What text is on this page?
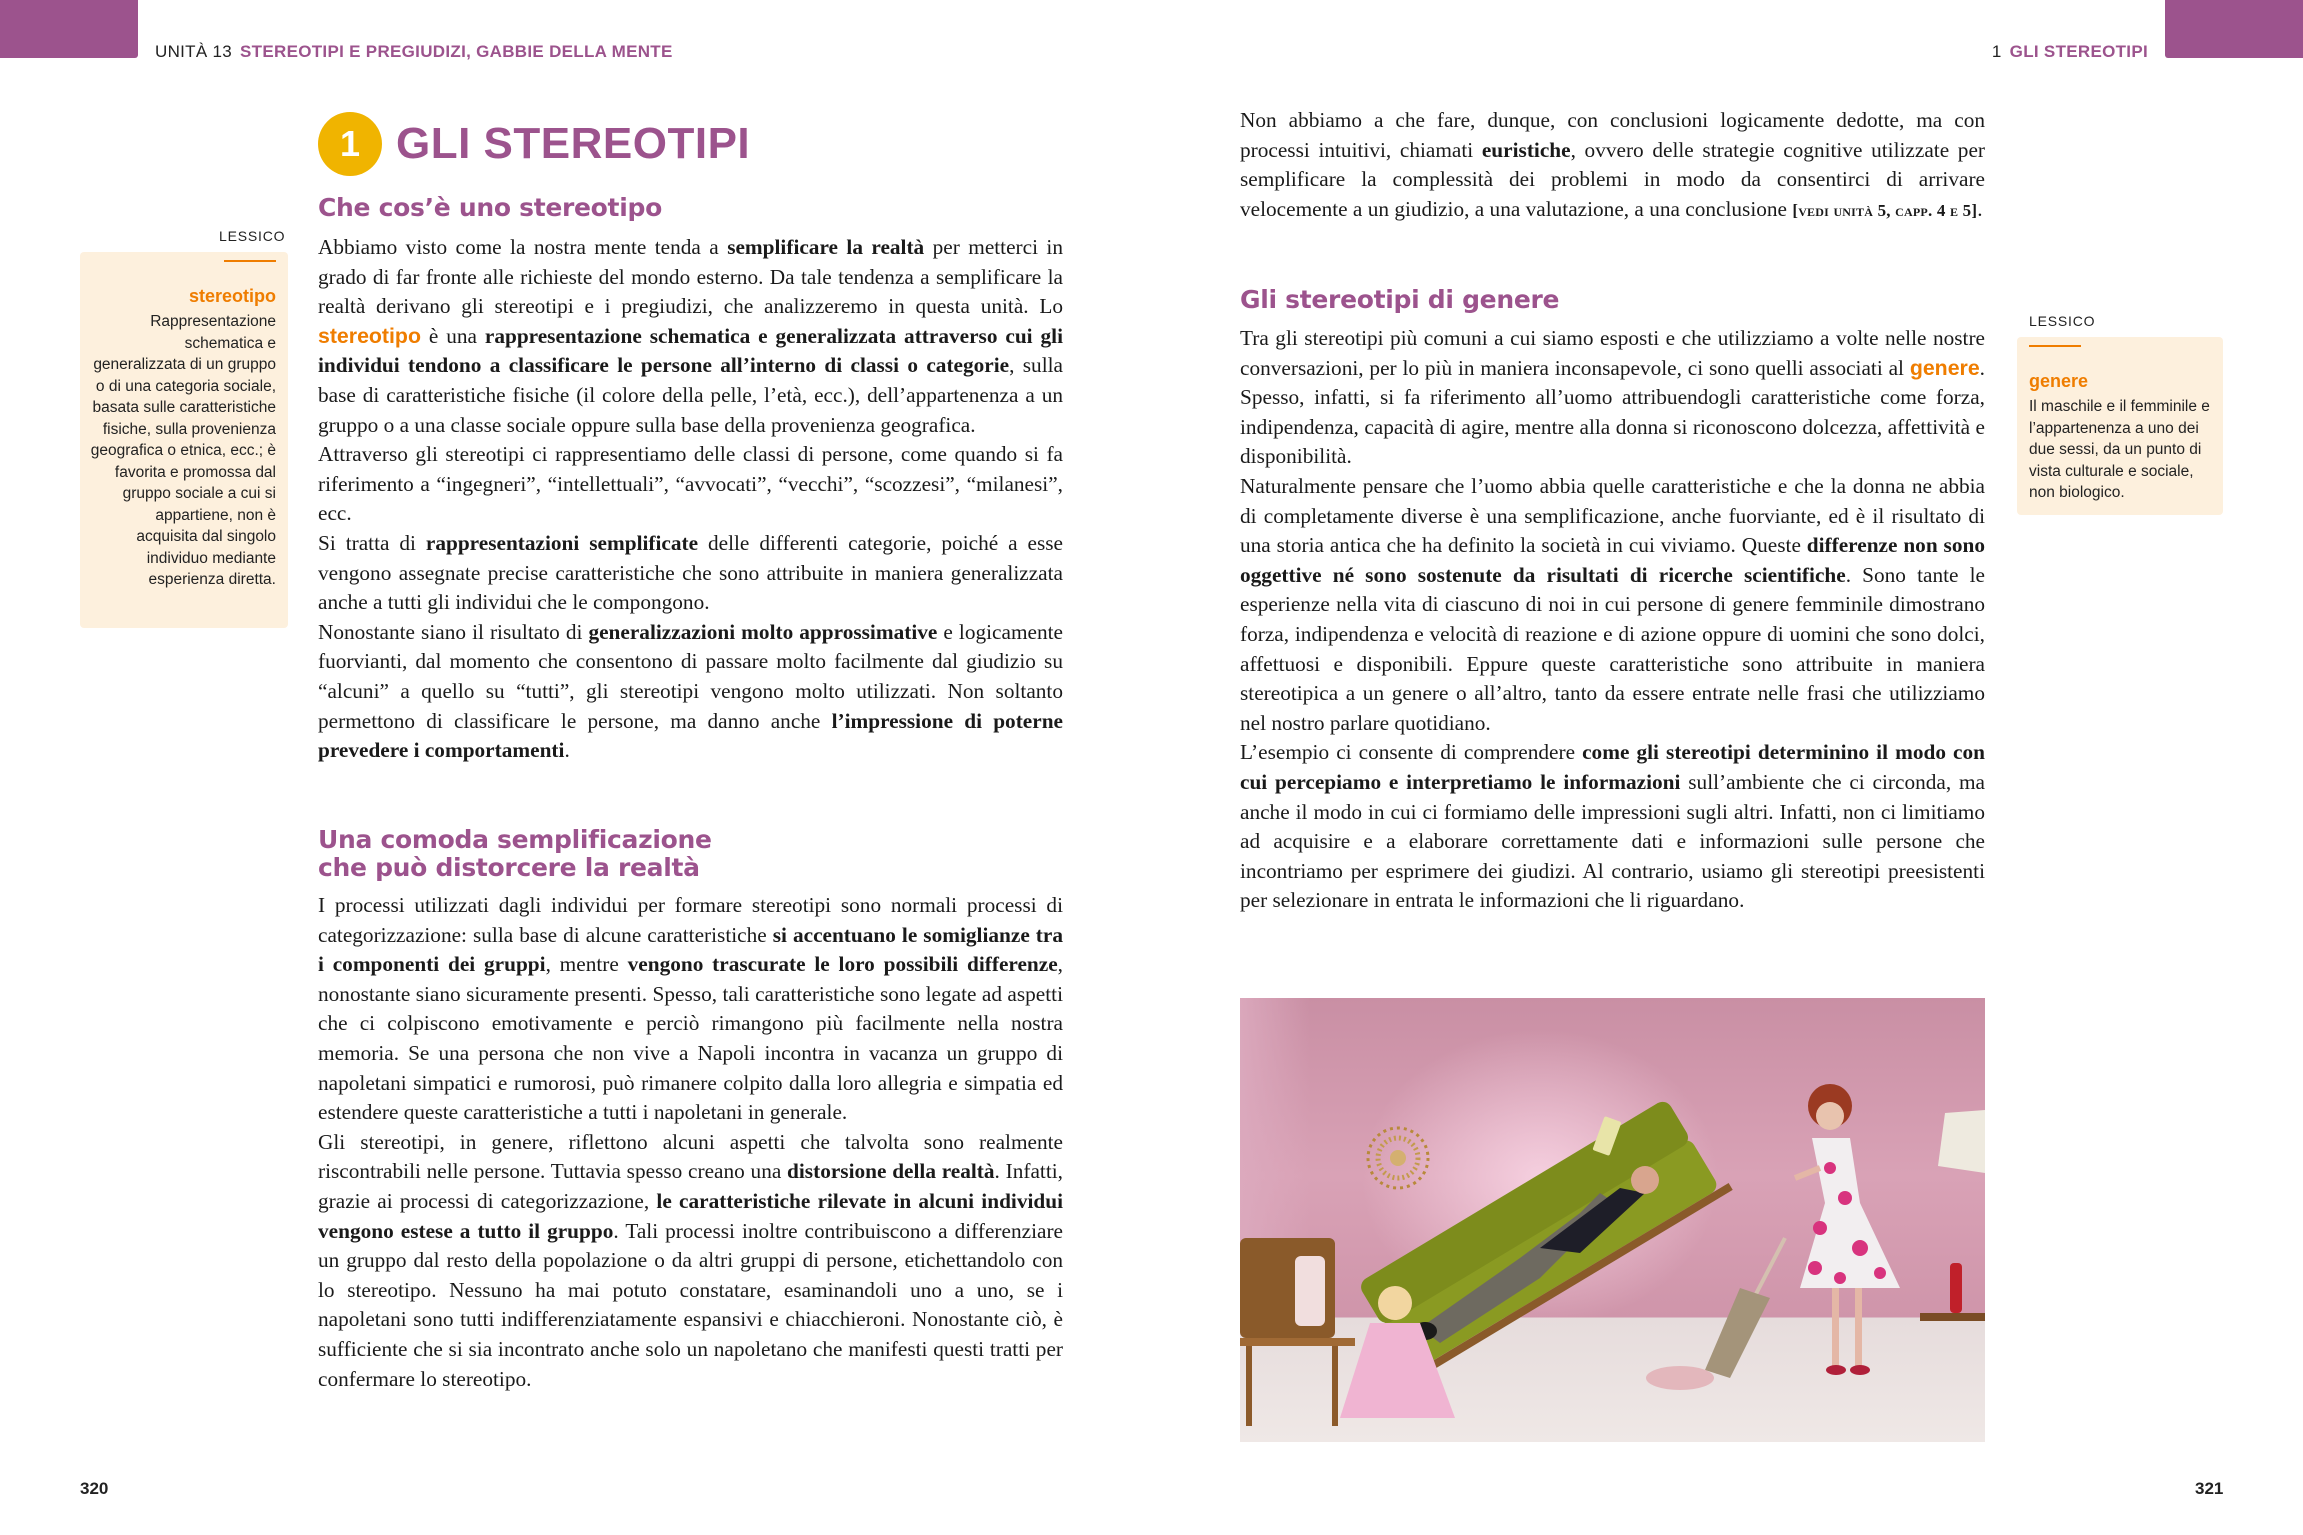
UNITÀ 13 STEREOTIPI E PREGIUDIZI, GABBIE DELLA MENTE	1 GLI STEREOTIPI
1 GLI STEREOTIPI
Che cos’è uno stereotipo

Abbiamo visto come la nostra mente tenda a semplificare la realtà per metterci in grado di far fronte alle richieste del mondo esterno. Da tale tendenza a semplificare la realtà derivano gli stereotipi e i pregiudizi, che analizzeremo in questa unità. Lo stereotipo è una rappresentazione schematica e generalizzata attraverso cui gli individui tendono a classificare le persone all’interno di classi o categorie, sulla base di caratteristiche fisiche (il colore della pelle, l’età, ecc.), dell’appartenenza a un gruppo o a una classe sociale oppure sulla base della provenienza geografica.

Attraverso gli stereotipi ci rappresentiamo delle classi di persone, come quando si fa riferimento a “ingegneri”, “intellettuali”, “avvocati”, “vecchi”, “scozzesi”, “milanesi”, ecc.

Si tratta di rappresentazioni semplificate delle differenti categorie, poiché a esse vengono assegnate precise caratteristiche che sono attribuite in maniera generalizzata anche a tutti gli individui che le compongono.

Nonostante siano il risultato di generalizzazioni molto approssimative e logicamente fuorvianti, dal momento che consentono di passare molto facilmente dal giudizio su “alcuni” a quello su “tutti”, gli stereotipi vengono molto utilizzati. Non soltanto permettono di classificare le persone, ma danno anche l’impressione di poterne prevedere i comportamenti.

Una comoda semplificazione
che può distorcere la realtà

I processi utilizzati dagli individui per formare stereotipi sono normali processi di categorizzazione: sulla base di alcune caratteristiche si accentuano le somiglianze tra i componenti dei gruppi, mentre vengono trascurate le loro possibili differenze, nonostante siano sicuramente presenti. Spesso, tali caratteristiche sono legate ad aspetti che ci colpiscono emotivamente e perciò rimangono più facilmente nella nostra memoria. Se una persona che non vive a Napoli incontra in vacanza un gruppo di napoletani simpatici e rumorosi, può rimanere colpito dalla loro allegria e simpatia ed estendere queste caratteristiche a tutti i napoletani in generale.

Gli stereotipi, in genere, riflettono alcuni aspetti che talvolta sono realmente riscontrabili nelle persone. Tuttavia spesso creano una distorsione della realtà. Infatti, grazie ai processi di categorizzazione, le caratteristiche rilevate in alcuni individui vengono estese a tutto il gruppo. Tali processi inoltre contribuiscono a differenziare un gruppo dal resto della popolazione o da altri gruppi di persone, etichettandolo con lo stereotipo. Nessuno ha mai potuto constatare, esaminandoli uno a uno, se i napoletani sono tutti indifferenziatamente espansivi e chiacchieroni. Nonostante ciò, è sufficiente che si sia incontrato anche solo un napoletano che manifesti questi tratti per confermare lo stereotipo.

LESSICO
stereotipo
Rappresentazione schematica e generalizzata di un gruppo o di una categoria sociale, basata sulle caratteristiche fisiche, sulla provenienza geografica o etnica, ecc.; è favorita e promossa dal gruppo sociale a cui si appartiene, non è acquisita dal singolo individuo mediante esperienza diretta.
320

Non abbiamo a che fare, dunque, con conclusioni logicamente dedotte, ma con processi intuitivi, chiamati euristiche, ovvero delle strategie cognitive utilizzate per semplificare la complessità dei problemi in modo da consentirci di arrivare velocemente a un giudizio, a una valutazione, a una conclusione [vedi unità 5, capp. 4 e 5].

Gli stereotipi di genere

Tra gli stereotipi più comuni a cui siamo esposti e che utilizziamo a volte nelle nostre conversazioni, per lo più in maniera inconsapevole, ci sono quelli associati al genere. Spesso, infatti, si fa riferimento all’uomo attribuendogli caratteristiche come forza, indipendenza, capacità di agire, mentre alla donna si riconoscono dolcezza, affettività e disponibilità.

Naturalmente pensare che l’uomo abbia quelle caratteristiche e che la donna ne abbia di completamente diverse è una semplificazione, anche fuorviante, ed è il risultato di una storia antica che ha definito la società in cui viviamo. Queste differenze non sono oggettive né sono sostenute da risultati di ricerche scientifiche. Sono tante le esperienze nella vita di ciascuno di noi in cui persone di genere femminile dimostrano forza, indipendenza e velocità di reazione e di azione oppure di uomini che sono dolci, affettuosi e disponibili. Eppure queste caratteristiche sono attribuite in maniera stereotipica a un genere o all’altro, tanto da essere entrate nelle frasi che utilizziamo nel nostro parlare quotidiano.

L’esempio ci consente di comprendere come gli stereotipi determinino il modo con cui percepiamo e interpretiamo le informazioni sull’ambiente che ci circonda, ma anche il modo in cui ci formiamo delle impressioni sugli altri. Infatti, non ci limitiamo ad acquisire e a elaborare correttamente dati e informazioni sulle persone che incontriamo per esprimere dei giudizi. Al contrario, usiamo gli stereotipi preesistenti per selezionare in entrata le informazioni che li riguardano.

LESSICO
genere
Il maschile e il femminile e l’appartenenza a uno dei due sessi, da un punto di vista culturale e sociale, non biologico.
321
